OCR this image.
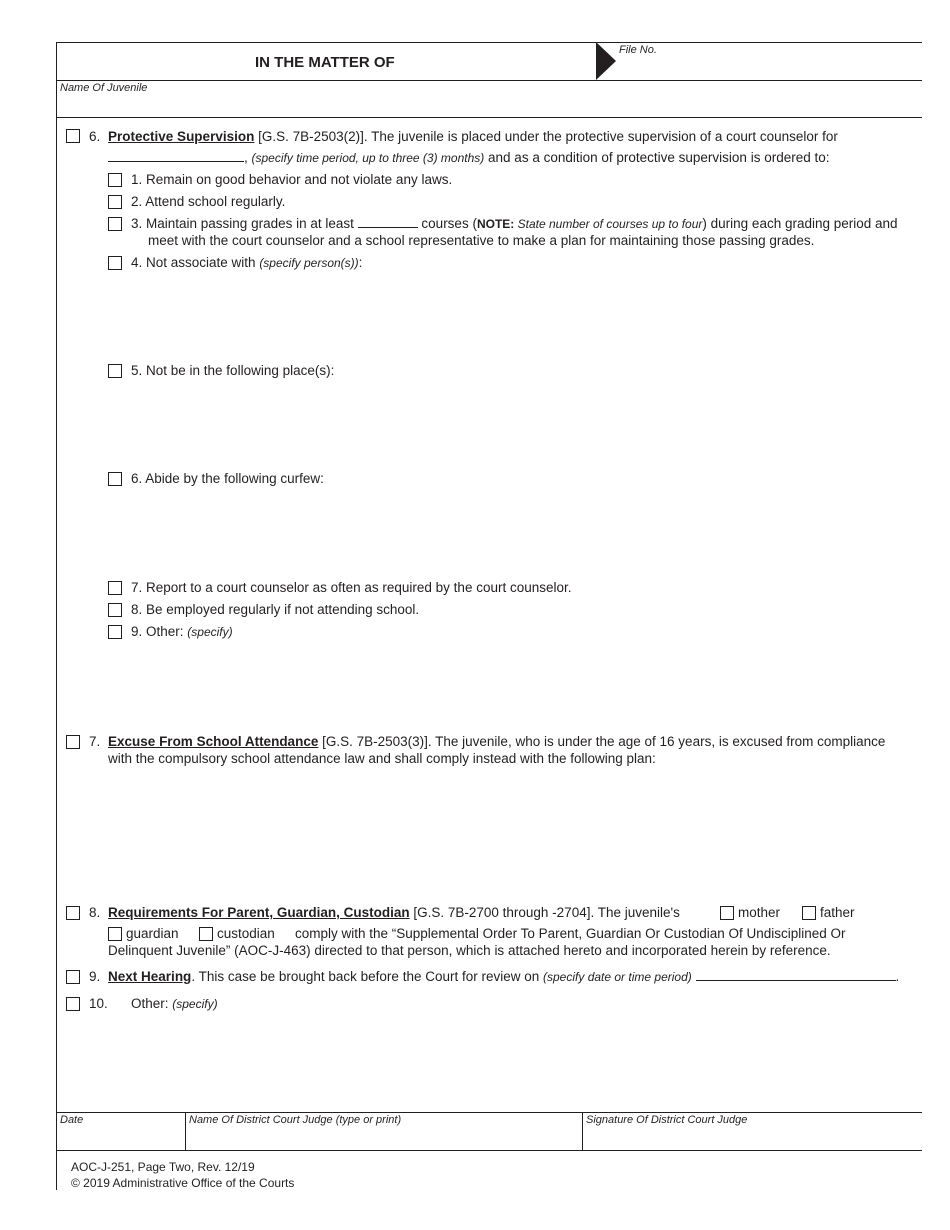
IN THE MATTER OF
File No.
Name Of Juvenile
6. Protective Supervision [G.S. 7B-2503(2)]. The juvenile is placed under the protective supervision of a court counselor for
, (specify time period, up to three (3) months) and as a condition of protective supervision is ordered to:
1. Remain on good behavior and not violate any laws.
2. Attend school regularly.
3. Maintain passing grades in at least	courses (NOTE: State number of courses up to four) during each grading period and
meet with the court counselor and a school representative to make a plan for maintaining those passing grades.
4. Not associate with (specify person(s)):
5. Not be in the following place(s):
6. Abide by the following curfew:
7. Report to a court counselor as often as required by the court counselor.
8. Be employed regularly if not attending school.
9. Other: (specify)
7. Excuse From School Attendance [G.S. 7B-2503(3)]. The juvenile, who is under the age of 16 years, is excused from compliance
with the compulsory school attendance law and shall comply instead with the following plan:
8. Requirements For Parent, Guardian, Custodian [G.S. 7B-2700 through -2704]. The juvenile's	mother	father
guardian	custodian comply with the “Supplemental Order To Parent, Guardian Or Custodian Of Undisciplined Or
Delinquent Juvenile” (AOC-J-463) directed to that person, which is attached hereto and incorporated herein by reference.
9. Next Hearing. This case be brought back before the Court for review on (specify date or time period)	.
10. Other: (specify)
Date	Name Of District Court Judge (type or print)	Signature Of District Court Judge
AOC-J-251, Page Two, Rev. 12/19
© 2019 Administrative Office of the Courts
